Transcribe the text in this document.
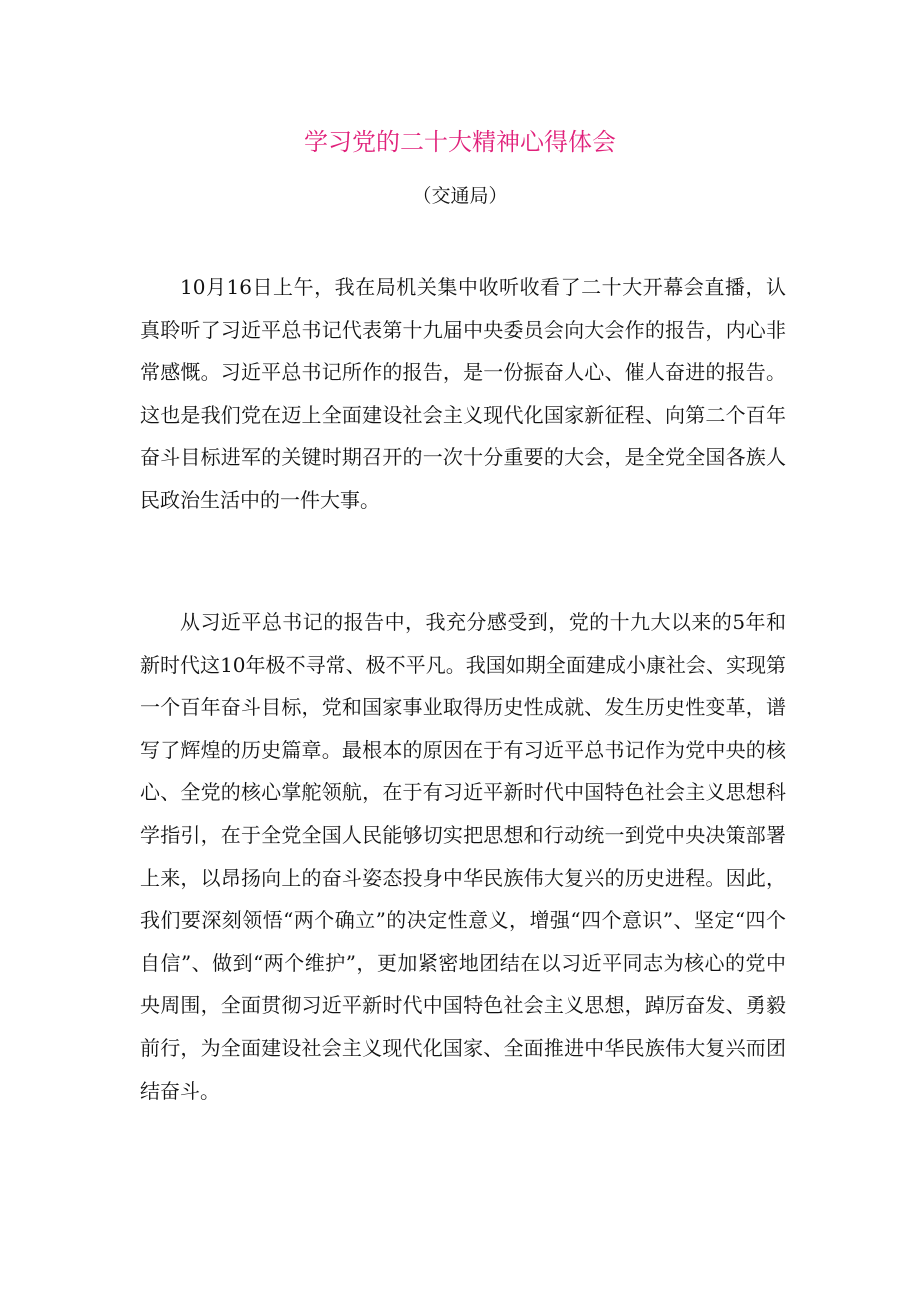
学习党的二十大精神心得体会
（交通局）

10月16日上午，我在局机关集中收听收看了二十大开幕会直播，认真聆听了习近平总书记代表第十九届中央委员会向大会作的报告，内心非常感慨。习近平总书记所作的报告，是一份振奋人心、催人奋进的报告。这也是我们党在迈上全面建设社会主义现代化国家新征程、向第二个百年奋斗目标进军的关键时期召开的一次十分重要的大会，是全党全国各族人民政治生活中的一件大事。

从习近平总书记的报告中，我充分感受到，党的十九大以来的5年和新时代这10年极不寻常、极不平凡。我国如期全面建成小康社会、实现第一个百年奋斗目标，党和国家事业取得历史性成就、发生历史性变革，谱写了辉煌的历史篇章。最根本的原因在于有习近平总书记作为党中央的核心、全党的核心掌舵领航，在于有习近平新时代中国特色社会主义思想科学指引，在于全党全国人民能够切实把思想和行动统一到党中央决策部署上来，以昂扬向上的奋斗姿态投身中华民族伟大复兴的历史进程。因此，我们要深刻领悟“两个确立”的决定性意义，增强“四个意识”、坚定“四个自信”、做到“两个维护”，更加紧密地团结在以习近平同志为核心的党中央周围，全面贯彻习近平新时代中国特色社会主义思想，踔厉奋发、勇毅前行，为全面建设社会主义现代化国家、全面推进中华民族伟大复兴而团结奋斗。
